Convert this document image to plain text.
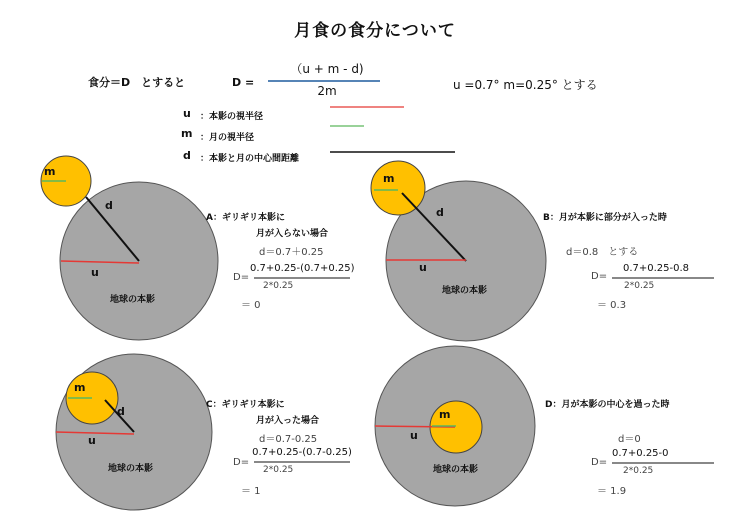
月食の食分について
食分＝D　とすると	D =
（u + m - d)
2m	u =0.7° m=0.25° とする
u ：本影の視半径
m ：月の視半径
d ：本影と月の中心間距離
m
d
u
地球の本影
m
d
u
地球の本影
m
d
u
地球の本影
m
u
地球の本影
A：ギリギリ本影に
月が入らない場合
d＝0.7＋0.25
D=
0.7+0.25-(0.7+0.25)
2*0.25
＝ 0
B：月が本影に部分が入った時
d＝0.8　とする
D=
0.7+0.25-0.8
2*0.25
＝ 0.3
C：ギリギリ本影に
月が入った場合
d＝0.7-0.25
D=
0.7+0.25-(0.7-0.25)
2*0.25
＝ 1
D：月が本影の中心を過った時
d＝0
D=
0.7+0.25-0
2*0.25
＝ 1.9
